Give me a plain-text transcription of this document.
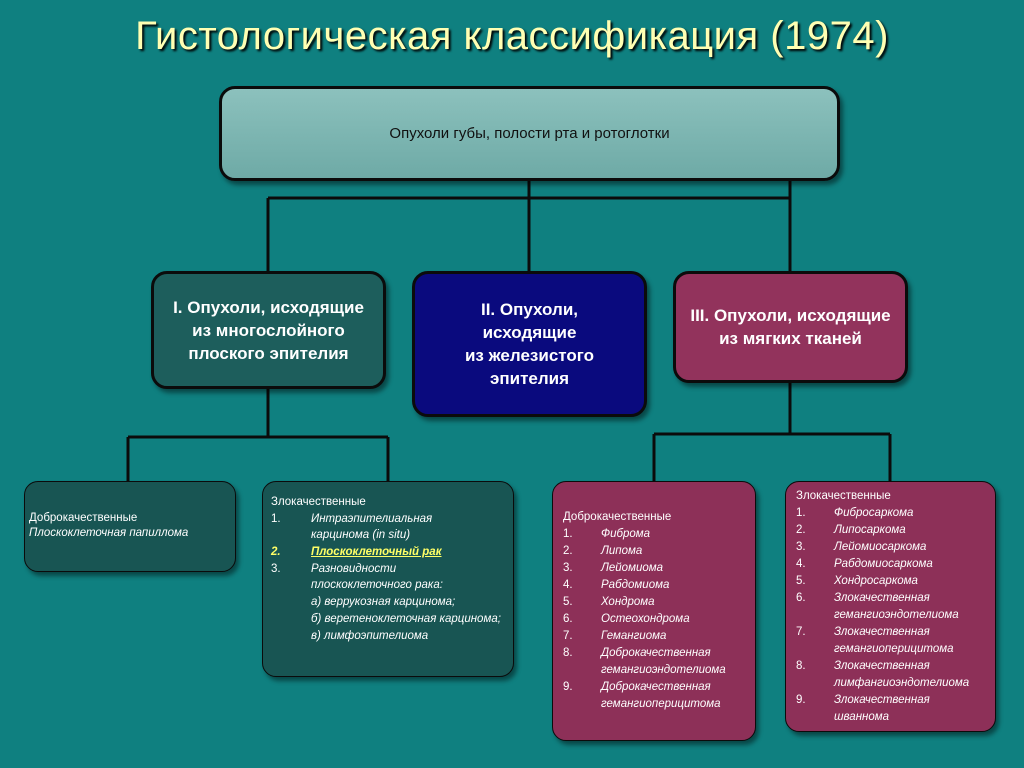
Гистологическая классификация (1974)
Опухоли губы, полости рта и ротоглотки
I. Опухоли, исходящие
из многослойного
плоского эпителия
II. Опухоли,
исходящие
из железистого
эпителия
III. Опухоли, исходящие
из мягких тканей
Доброкачественные
Плоскоклеточная папиллома
Злокачественные
1.	Интраэпителиальная
карцинома (in situ)
2.	Плоскоклеточный рак
3.	Разновидности
плоскоклеточного рака:
а) веррукозная карцинома;
б) веретеноклеточная карцинома;
в) лимфоэпителиома
Доброкачественные
1. Фиброма
2. Липома
3. Лейомиома
4. Рабдомиома
5. Хондрома
6. Остеохондрома
7. Гемангиома
8. Доброкачественная
гемангиоэндотелиома
9. Доброкачественная
гемангиоперицитома
Злокачественные
1. Фибросаркома
2. Липосаркома
3. Лейомиосаркома
4. Рабдомиосаркома
5. Хондросаркома
6. Злокачественная
гемангиоэндотелиома
7. Злокачественная
гемангиоперицитома
8. Злокачественная
лимфангиоэндотелиома
9. Злокачественная
шваннома
